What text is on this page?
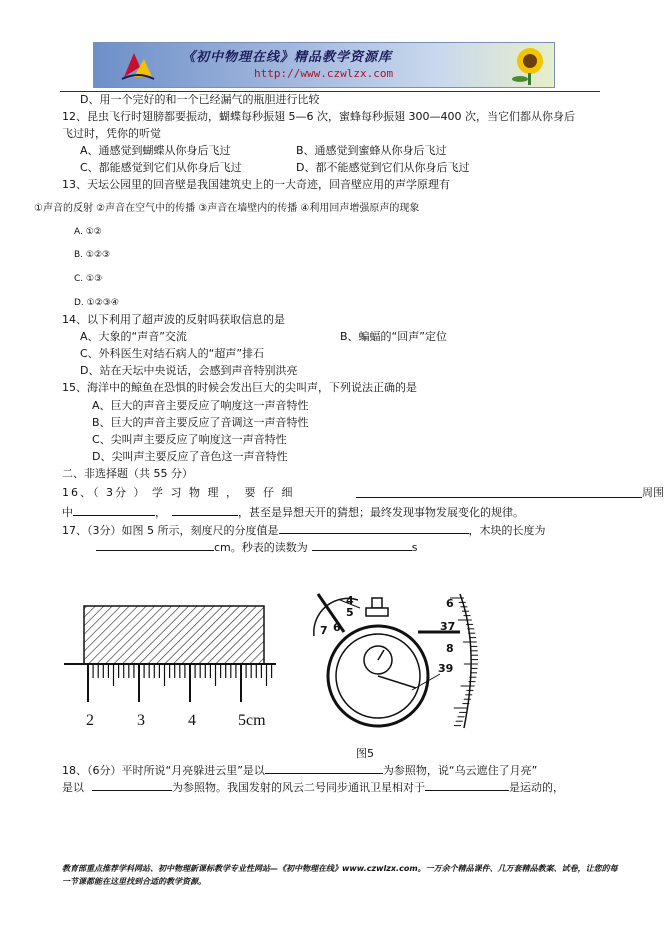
《初中物理在线》精品教学资源库
http://www.czwlzx.com
D、用一个完好的和一个已经漏气的瓶胆进行比较
12、昆虫飞行时翅膀都要振动，蝴蝶每秒振翅 5—6 次，蜜蜂每秒振翅 300—400 次，当它们都从你身后
飞过时，凭你的听觉
A、通感觉到蝴蝶从你身后飞过	B、通感觉到蜜蜂从你身后飞过
C、都能感觉到它们从你身后飞过	D、都不能感觉到它们从你身后飞过
13、天坛公园里的回音壁是我国建筑史上的一大奇迹，回音壁应用的声学原理有
①声音的反射 ②声音在空气中的传播 ③声音在墙壁内的传播 ④利用回声增强原声的现象
A. ①②
B. ①②③
C. ①③
D. ①②③④
14、以下利用了超声波的反射吗获取信息的是
A、大象的“声音”交流	B、蝙蝠的“回声”定位
C、外科医生对结石病人的“超声”排石
D、站在天坛中央说话，会感到声音特别洪亮
15、海洋中的鲸鱼在恐惧的时候会发出巨大的尖叫声，下列说法正确的是
A、巨大的声音主要反应了响度这一声音特性
B、巨大的声音主要反应了音调这一声音特性
C、尖叫声主要反应了响度这一声音特性
D、尖叫声主要反应了音色这一声音特性
二、非选择题（共 55 分）
16、（ 3分 ） 学 习 物 理 ， 要 仔 细	周围
中	，	，甚至是异想天开的猜想；最终发现事物发展变化的规律。
17、（3分）如图 5 所示，刻度尺的分度值是	，木块的长度为
cm。秒表的读数为	s
2	3	4	5cm
4
5
6
7
6
37
8
39
图5
18、（6分）平时所说“月亮躲进云里”是以	为参照物，说“乌云遮住了月亮”
是以	为参照物。我国发射的风云二号同步通讯卫星相对于	是运动的，
教育部重点推荐学科网站、初中物理新课标教学专业性网站—《初中物理在线》www.czwlzx.com。一万余个精品课件、几万套精品教案、试卷，让您的每一节课都能在这里找到合适的教学资源。
